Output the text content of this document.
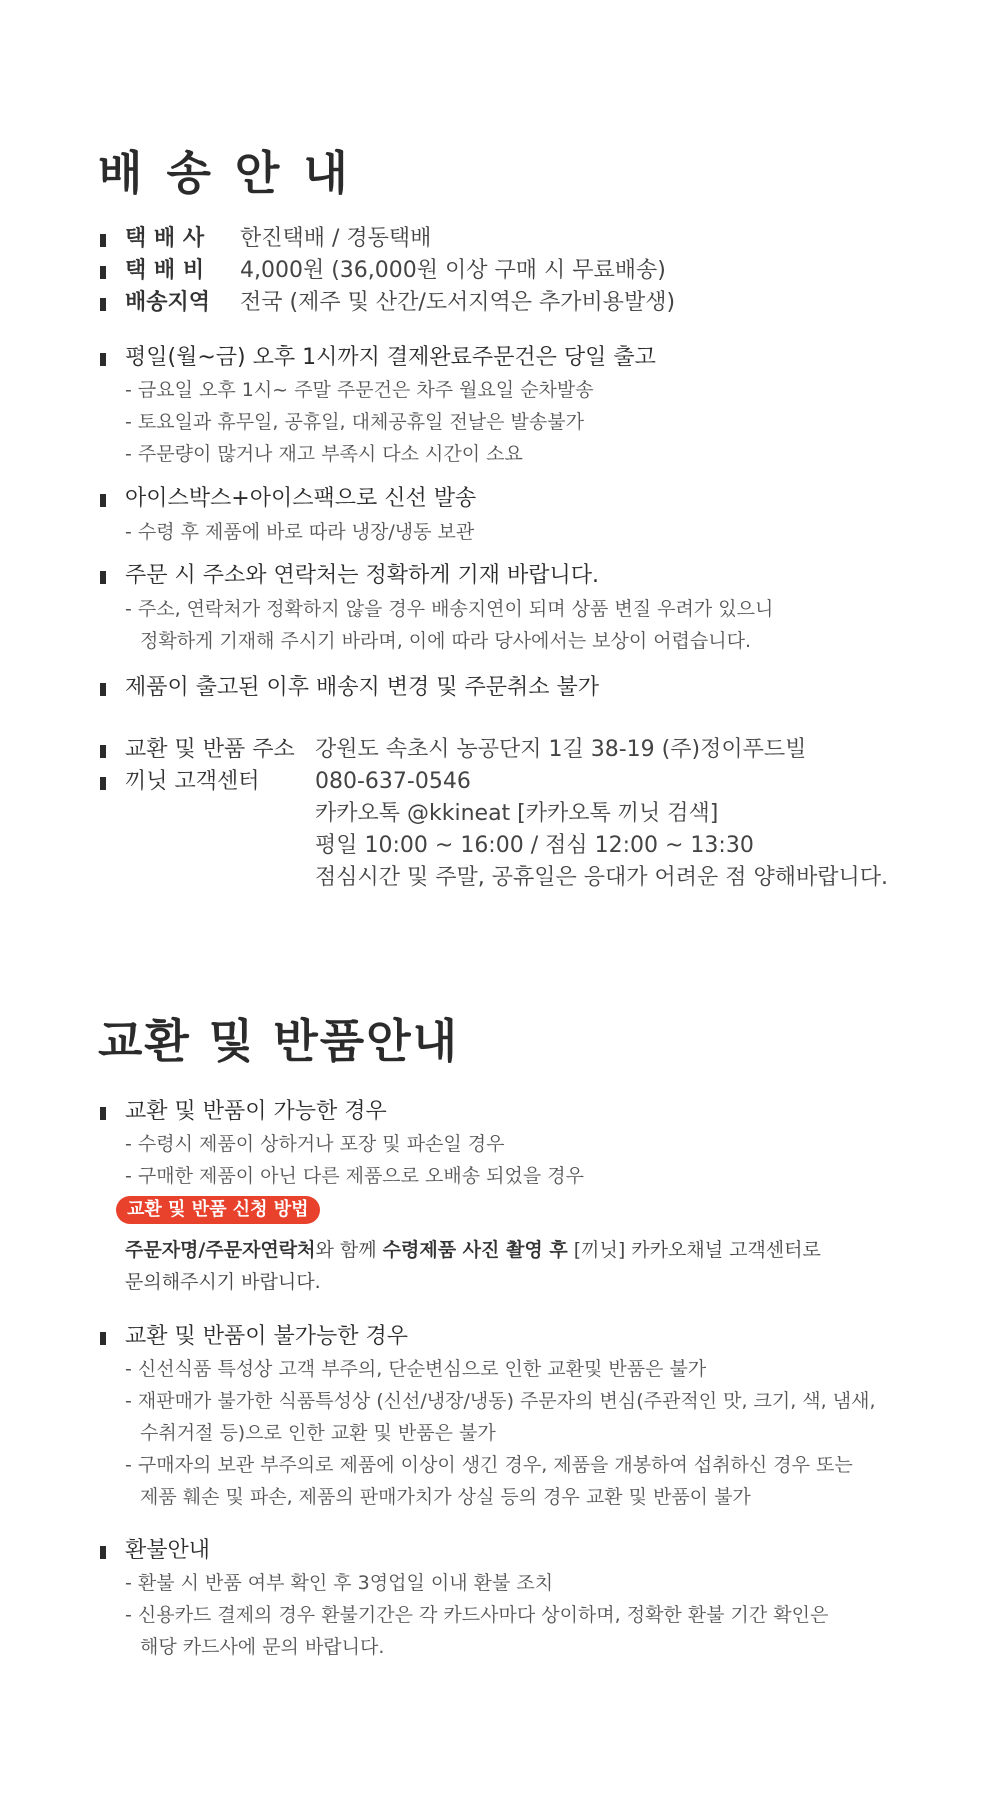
배 송 안 내
택 배 사 한진택배 / 경동택배
택 배 비 4,000원 (36,000원 이상 구매 시 무료배송)
배송지역 전국 (제주 및 산간/도서지역은 추가비용발생)
평일(월~금) 오후 1시까지 결제완료주문건은 당일 출고
- 금요일 오후 1시~ 주말 주문건은 차주 월요일 순차발송
- 토요일과 휴무일, 공휴일, 대체공휴일 전날은 발송불가
- 주문량이 많거나 재고 부족시 다소 시간이 소요
아이스박스+아이스팩으로 신선 발송
- 수령 후 제품에 바로 따라 냉장/냉동 보관
주문 시 주소와 연락처는 정확하게 기재 바랍니다.
- 주소, 연락처가 정확하지 않을 경우 배송지연이 되며 상품 변질 우려가 있으니
정확하게 기재해 주시기 바라며, 이에 따라 당사에서는 보상이 어렵습니다.
제품이 출고된 이후 배송지 변경 및 주문취소 불가
교환 및 반품 주소 강원도 속초시 농공단지 1길 38-19 (주)정이푸드빌
끼닛 고객센터	080-637-0546
카카오톡 @kkineat [카카오톡 끼닛 검색]
평일 10:00 ~ 16:00 / 점심 12:00 ~ 13:30
점심시간 및 주말, 공휴일은 응대가 어려운 점 양해바랍니다.
교환 및 반품안내
교환 및 반품이 가능한 경우
- 수령시 제품이 상하거나 포장 및 파손일 경우
- 구매한 제품이 아닌 다른 제품으로 오배송 되었을 경우
교환 및 반품 신청 방법
주문자명/주문자연락처와 함께 수령제품 사진 촬영 후 [끼닛] 카카오채널 고객센터로
문의해주시기 바랍니다.
교환 및 반품이 불가능한 경우
- 신선식품 특성상 고객 부주의, 단순변심으로 인한 교환및 반품은 불가
- 재판매가 불가한 식품특성상 (신선/냉장/냉동) 주문자의 변심(주관적인 맛, 크기, 색, 냄새,
수취거절 등)으로 인한 교환 및 반품은 불가
- 구매자의 보관 부주의로 제품에 이상이 생긴 경우, 제품을 개봉하여 섭취하신 경우 또는
제품 훼손 및 파손, 제품의 판매가치가 상실 등의 경우 교환 및 반품이 불가
환불안내
- 환불 시 반품 여부 확인 후 3영업일 이내 환불 조치
- 신용카드 결제의 경우 환불기간은 각 카드사마다 상이하며, 정확한 환불 기간 확인은
해당 카드사에 문의 바랍니다.
